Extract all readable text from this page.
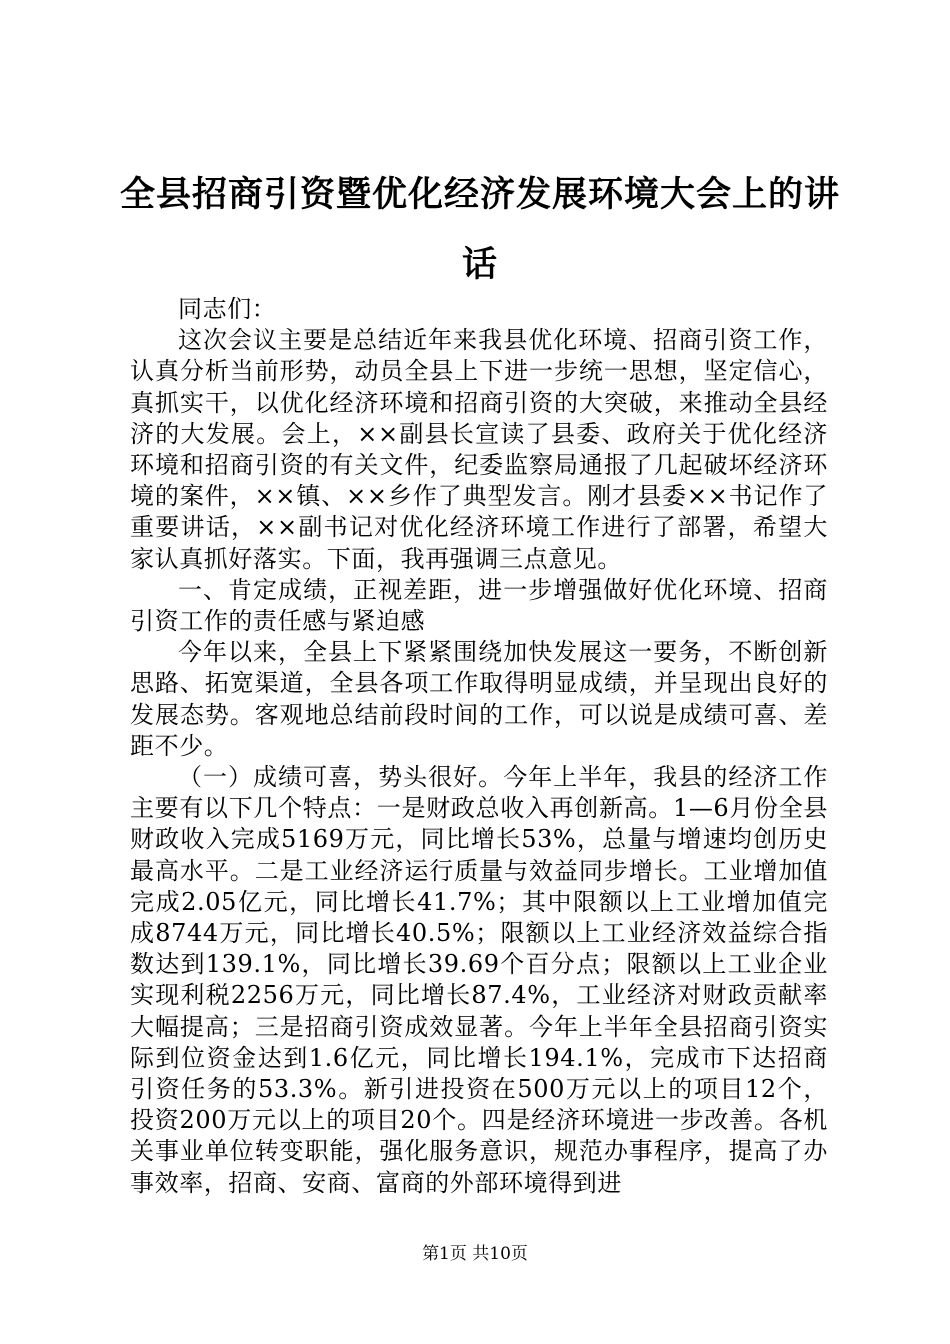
全县招商引资暨优化经济发展环境大会上的讲话

同志们：

这次会议主要是总结近年来我县优化环境、招商引资工作，认真分析当前形势，动员全县上下进一步统一思想，坚定信心，真抓实干，以优化经济环境和招商引资的大突破，来推动全县经济的大发展。会上，××副县长宣读了县委、政府关于优化经济环境和招商引资的有关文件，纪委监察局通报了几起破坏经济环境的案件，××镇、××乡作了典型发言。刚才县委××书记作了重要讲话，××副书记对优化经济环境工作进行了部署，希望大家认真抓好落实。下面，我再强调三点意见。

一、肯定成绩，正视差距，进一步增强做好优化环境、招商引资工作的责任感与紧迫感

今年以来，全县上下紧紧围绕加快发展这一要务，不断创新思路、拓宽渠道，全县各项工作取得明显成绩，并呈现出良好的发展态势。客观地总结前段时间的工作，可以说是成绩可喜、差距不少。

（一）成绩可喜，势头很好。今年上半年，我县的经济工作主要有以下几个特点：一是财政总收入再创新高。1—6月份全县财政收入完成5169万元，同比增长53%，总量与增速均创历史最高水平。二是工业经济运行质量与效益同步增长。工业增加值完成2.05亿元，同比增长41.7%；其中限额以上工业增加值完成8744万元，同比增长40.5%；限额以上工业经济效益综合指数达到139.1%，同比增长39.69个百分点；限额以上工业企业实现利税2256万元，同比增长87.4%，工业经济对财政贡献率大幅提高；三是招商引资成效显著。今年上半年全县招商引资实际到位资金达到1.6亿元，同比增长194.1%，完成市下达招商引资任务的53.3%。新引进投资在500万元以上的项目12个，投资200万元以上的项目20个。四是经济环境进一步改善。各机关事业单位转变职能，强化服务意识，规范办事程序，提高了办事效率，招商、安商、富商的外部环境得到进

第1页 共10页
